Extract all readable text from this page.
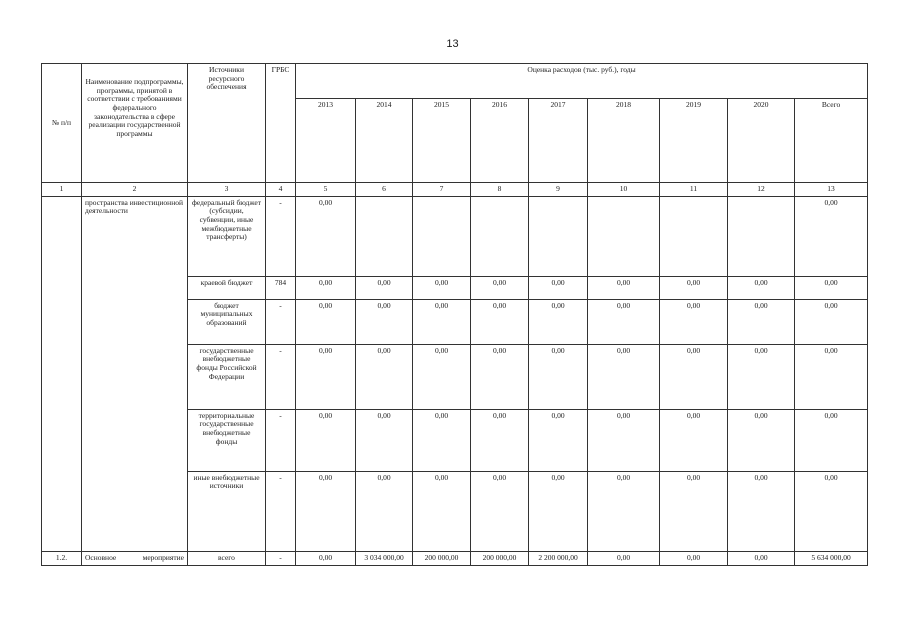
13
№ п/п	Наименование подпрограммы, программы, принятой в соответствии с требованиями федерального законодательства в сфере реализации государственной программы	Источники ресурсного обеспечения	ГРБС	Оценка расходов (тыс. руб.), годы								
				2013	2014	2015	2016	2017	2018	2019	2020	Всего
1	2	3	4	5	6	7	8	9	10	11	12	13
	пространства инвестиционной деятельности	федеральный бюджет (субсидии, субвенции, иные межбюджетные трансферты)	-	0,00								0,00
		краевой бюджет	784	0,00	0,00	0,00	0,00	0,00	0,00	0,00	0,00	0,00
		бюджет муниципальных образований	-	0,00	0,00	0,00	0,00	0,00	0,00	0,00	0,00	0,00
		государственные внебюджетные фонды Российской Федерации	-	0,00	0,00	0,00	0,00	0,00	0,00	0,00	0,00	0,00
		территориальные государственные внебюджетные фонды	-	0,00	0,00	0,00	0,00	0,00	0,00	0,00	0,00	0,00
		иные внебюджетные источники	-	0,00	0,00	0,00	0,00	0,00	0,00	0,00	0,00	0,00
1.2.	Основное мероприятие	всего	-	0,00	3 034 000,00	200 000,00	200 000,00	2 200 000,00	0,00	0,00	0,00	5 634 000,00
